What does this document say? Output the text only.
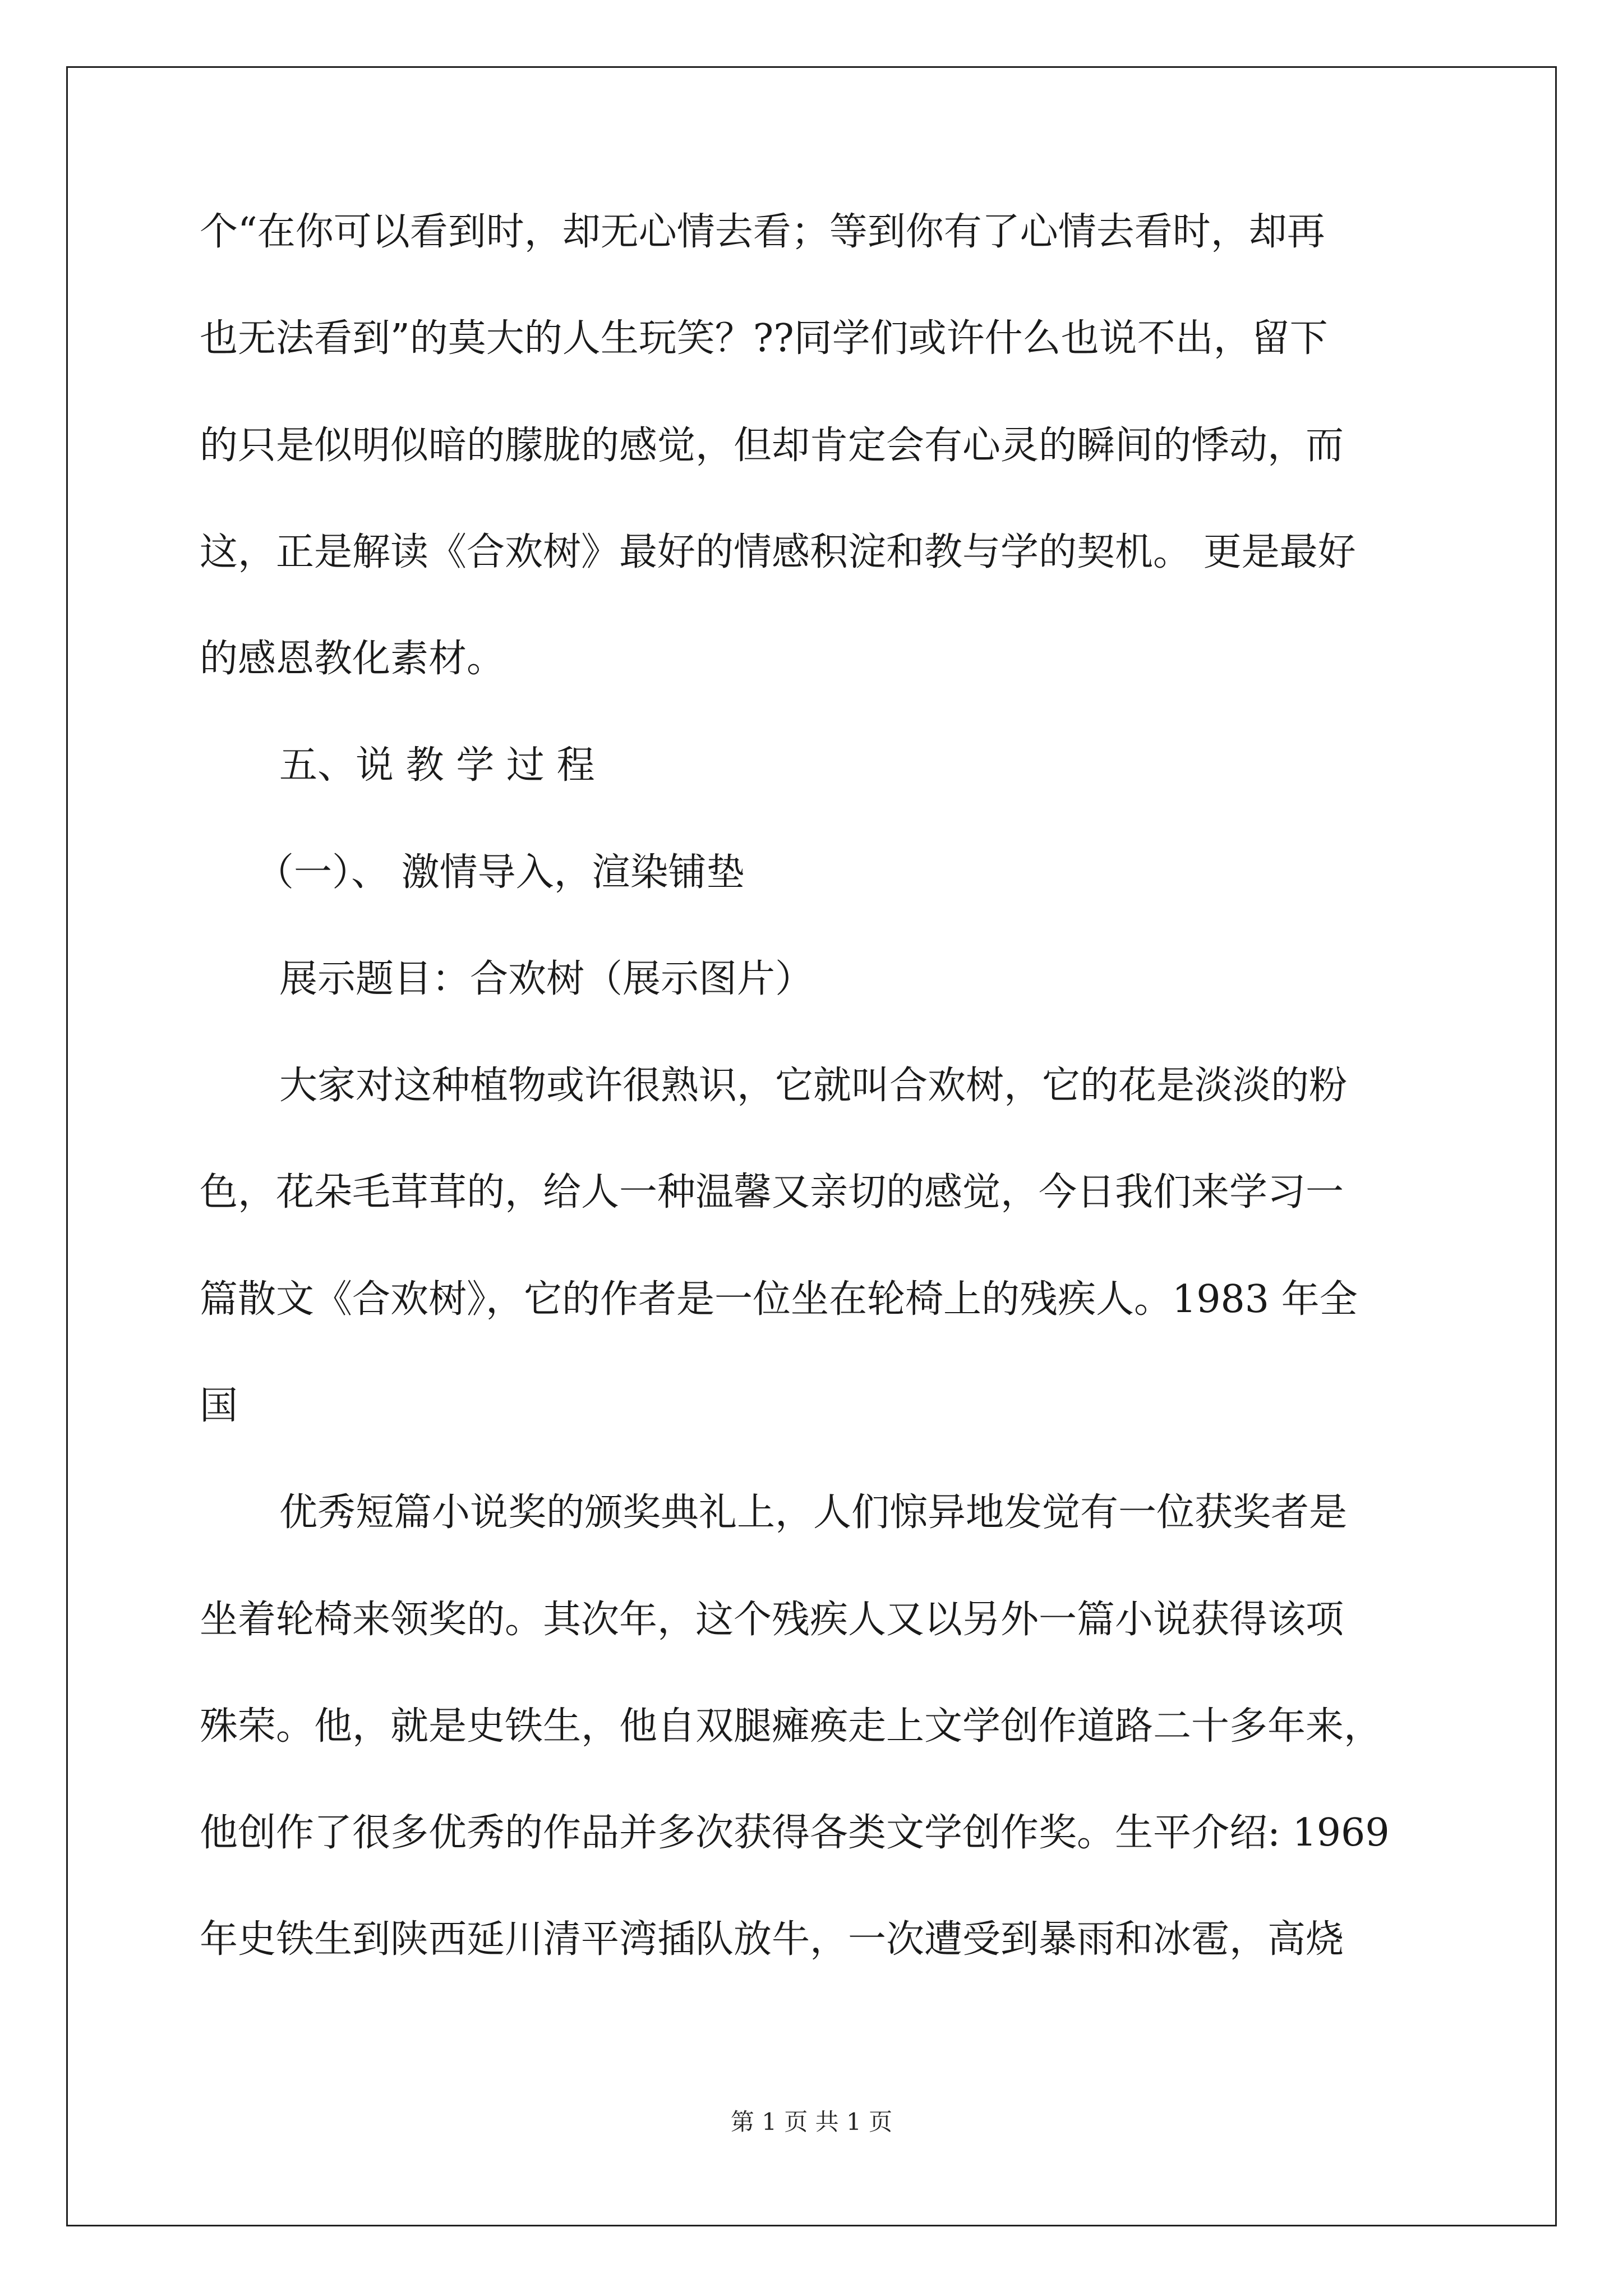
个“在你可以看到时，却无心情去看；等到你有了心情去看时，却再

也无法看到”的莫大的人生玩笑？??同学们或许什么也说不出，留下

的只是似明似暗的朦胧的感觉，但却肯定会有心灵的瞬间的悸动，而

这，正是解读《合欢树》最好的情感积淀和教与学的契机。 更是最好

的感恩教化素材。

五、说 教 学 过 程

（一）、 激情导入，渲染铺垫

展示题目：合欢树（展示图片）

大家对这种植物或许很熟识，它就叫合欢树，它的花是淡淡的粉

色，花朵毛茸茸的，给人一种温馨又亲切的感觉，今日我们来学习一

篇散文《合欢树》，它的作者是一位坐在轮椅上的残疾人。1983 年全

国

优秀短篇小说奖的颁奖典礼上，人们惊异地发觉有一位获奖者是

坐着轮椅来领奖的。其次年，这个残疾人又以另外一篇小说获得该项

殊荣。他，就是史铁生，他自双腿瘫痪走上文学创作道路二十多年来，

他创作了很多优秀的作品并多次获得各类文学创作奖。生平介绍: 1969

年史铁生到陕西延川清平湾插队放牛，一次遭受到暴雨和冰雹，高烧

第 1 页 共 1 页
